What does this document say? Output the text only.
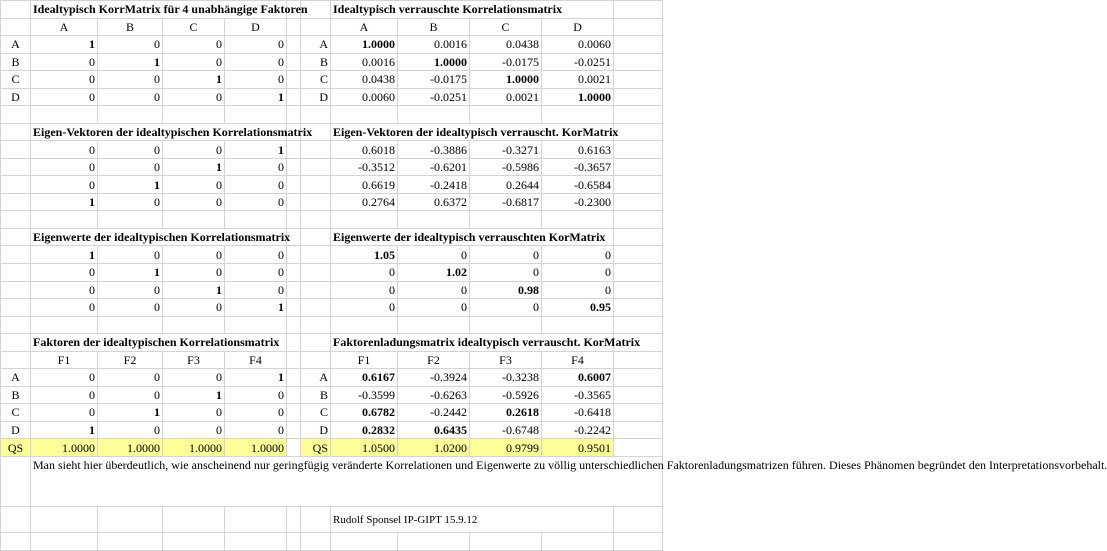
	Idealtypisch KorrMatrix für 4 unabhängige Faktoren						Idealtypisch verrauschte Korrelationsmatrix				
	A	B	C	D			A	B	C	D	
A	1	0	0	0		A	1.0000	0.0016	0.0438	0.0060	
B	0	1	0	0		B	0.0016	1.0000	-0.0175	-0.0251	
C	0	0	1	0		C	0.0438	-0.0175	1.0000	0.0021	
D	0	0	0	1		D	0.0060	-0.0251	0.0021	1.0000	

	Eigen-Vektoren der idealtypischen Korrelationsmatrix						Eigen-Vektoren der idealtypisch verrauscht. KorMatrix				
	0	0	0	1			0.6018	-0.3886	-0.3271	0.6163	
	0	0	1	0			-0.3512	-0.6201	-0.5986	-0.3657	
	0	1	0	0			0.6619	-0.2418	0.2644	-0.6584	
	1	0	0	0			0.2764	0.6372	-0.6817	-0.2300	

	Eigenwerte der idealtypischen Korrelationsmatrix						Eigenwerte der idealtypisch verrauschten KorMatrix				
	1	0	0	0			1.05	0	0	0	
	0	1	0	0			0	1.02	0	0	
	0	0	1	0			0	0	0.98	0	
	0	0	0	1			0	0	0	0.95	

	Faktoren der idealtypischen Korrelationsmatrix						Faktorenladungsmatrix idealtypisch verrauscht. KorMatrix				
	F1	F2	F3	F4			F1	F2	F3	F4	
A	0	0	0	1		A	0.6167	-0.3924	-0.3238	0.6007	
B	0	0	1	0		B	-0.3599	-0.6263	-0.5926	-0.3565	
C	0	1	0	0		C	0.6782	-0.2442	0.2618	-0.6418	
D	1	0	0	0		D	0.2832	0.6435	-0.6748	-0.2242	
QS	1.0000	1.0000	1.0000	1.0000		QS	1.0500	1.0200	0.9799	0.9501	
	Man sieht hier überdeutlich, wie anscheinend nur geringfügig veränderte Korrelationen und Eigenwerte zu völlig unterschiedlichen Faktorenladungsmatrizen führen. Dieses Phänomen begründet den Interpretationsvorbehalt.										
							Rudolf Sponsel IP-GIPT 15.9.12				
